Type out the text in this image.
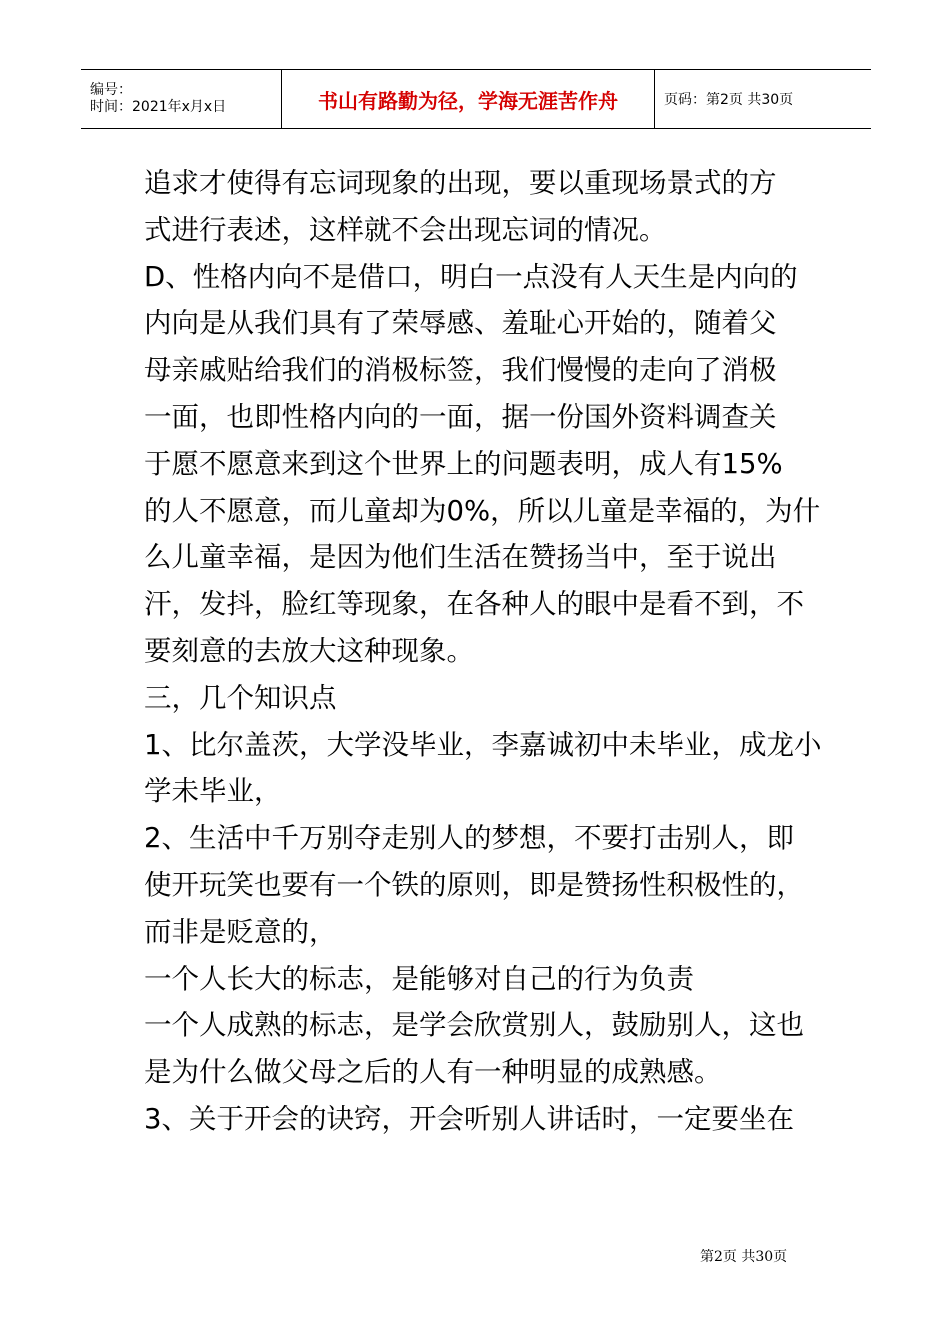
编号：
时间：2021年x月x日	书山有路勤为径，学海无涯苦作舟	页码：第2页 共30页
追求才使得有忘词现象的出现，要以重现场景式的方
式进行表述，这样就不会出现忘词的情况。
D、性格内向不是借口，明白一点没有人天生是内向的
内向是从我们具有了荣辱感、羞耻心开始的，随着父
母亲戚贴给我们的消极标签，我们慢慢的走向了消极
一面，也即性格内向的一面，据一份国外资料调查关
于愿不愿意来到这个世界上的问题表明，成人有15%
的人不愿意，而儿童却为0%，所以儿童是幸福的，为什
么儿童幸福，是因为他们生活在赞扬当中，至于说出
汗，发抖，脸红等现象，在各种人的眼中是看不到，不
要刻意的去放大这种现象。
三，几个知识点
1、比尔盖茨，大学没毕业，李嘉诚初中未毕业，成龙小
学未毕业，
2、生活中千万别夺走别人的梦想，不要打击别人，即
使开玩笑也要有一个铁的原则，即是赞扬性积极性的，
而非是贬意的，
一个人长大的标志，是能够对自己的行为负责
一个人成熟的标志，是学会欣赏别人，鼓励别人，这也
是为什么做父母之后的人有一种明显的成熟感。
3、关于开会的诀窍，开会听别人讲话时，一定要坐在
第2页 共30页
